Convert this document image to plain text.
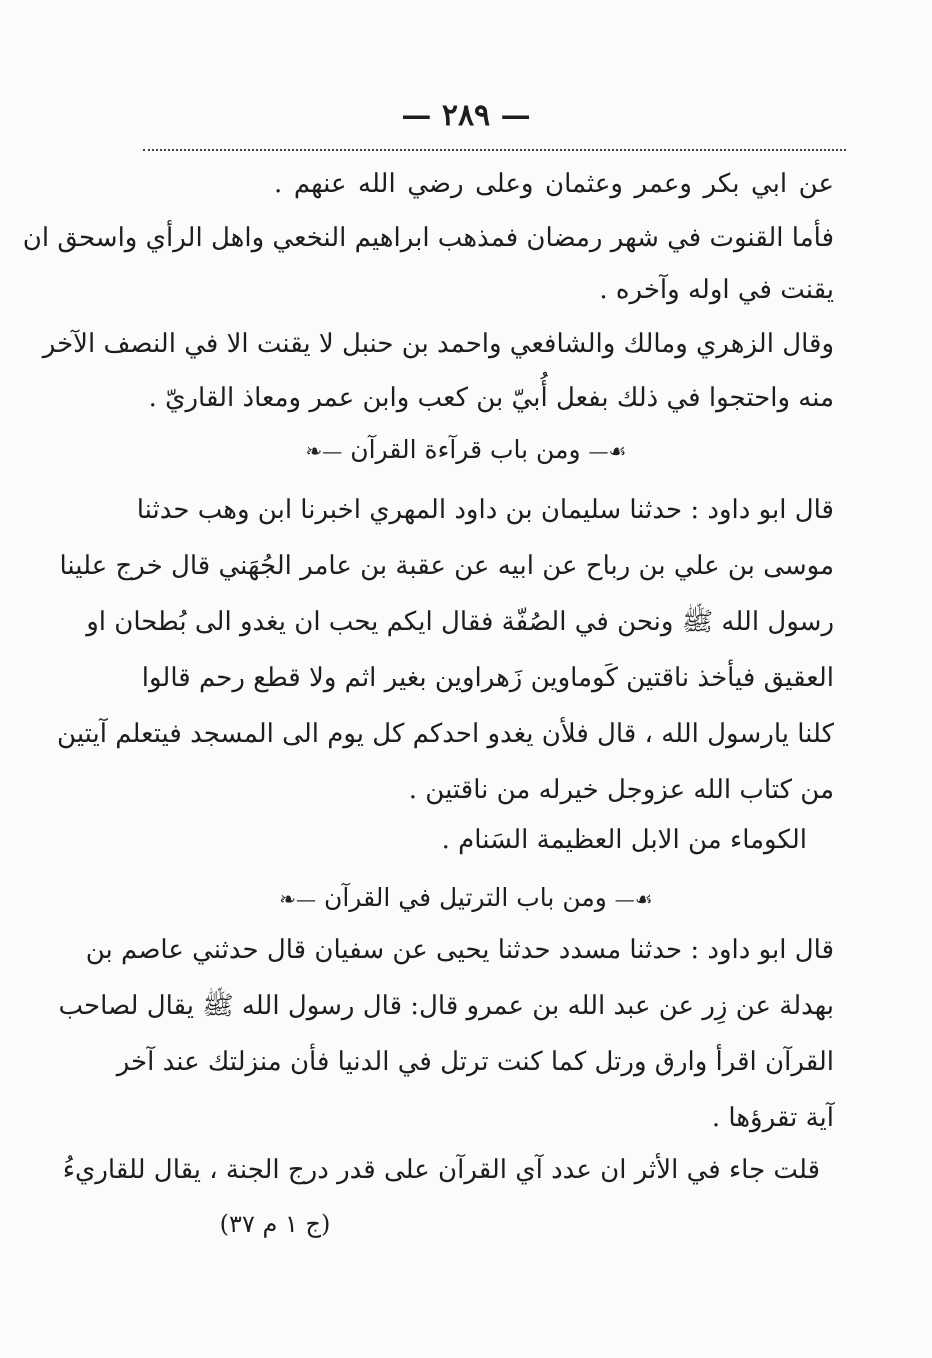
— ٢٨٩ —
عن ابي بكر وعمر وعثمان وعلى رضي الله عنهم .
فأما القنوت في شهر رمضان فمذهب ابراهيم النخعي واهل الرأي واسحق ان
يقنت في اوله وآخره .
وقال الزهري ومالك والشافعي واحمد بن حنبل لا يقنت الا في النصف الآخر
منه واحتجوا في ذلك بفعل أُبيّ بن كعب وابن عمر ومعاذ القاريّ .
☙— ومن باب قرآءة القرآن —❧
قال ابو داود : حدثنا سليمان بن داود المهري اخبرنا ابن وهب حدثنا
موسى بن علي بن رباح عن ابيه عن عقبة بن عامر الجُهَني قال خرج علينا
رسول الله ﷺ ونحن في الصُفّة فقال ايكم يحب ان يغدو الى بُطحان او
العقيق فيأخذ ناقتين كَوماوين زَهراوين بغير اثم ولا قطع رحم قالوا
كلنا يارسول الله ، قال فلأن يغدو احدكم كل يوم الى المسجد فيتعلم آيتين
من كتاب الله عزوجل خيرله من ناقتين .
الكوماء من الابل العظيمة السَنام .
☙— ومن باب الترتيل في القرآن —❧
قال ابو داود : حدثنا مسدد حدثنا يحيى عن سفيان قال حدثني عاصم بن
بهدلة عن زِر عن عبد الله بن عمرو قال: قال رسول الله ﷺ يقال لصاحب
القرآن اقرأ وارق ورتل كما كنت ترتل في الدنيا فأن منزلتك عند آخر
آية تقرؤها .
قلت جاء في الأثر ان عدد آي القرآن على قدر درج الجنة ، يقال للقاريءُ
(ج ١ م ٣٧)
